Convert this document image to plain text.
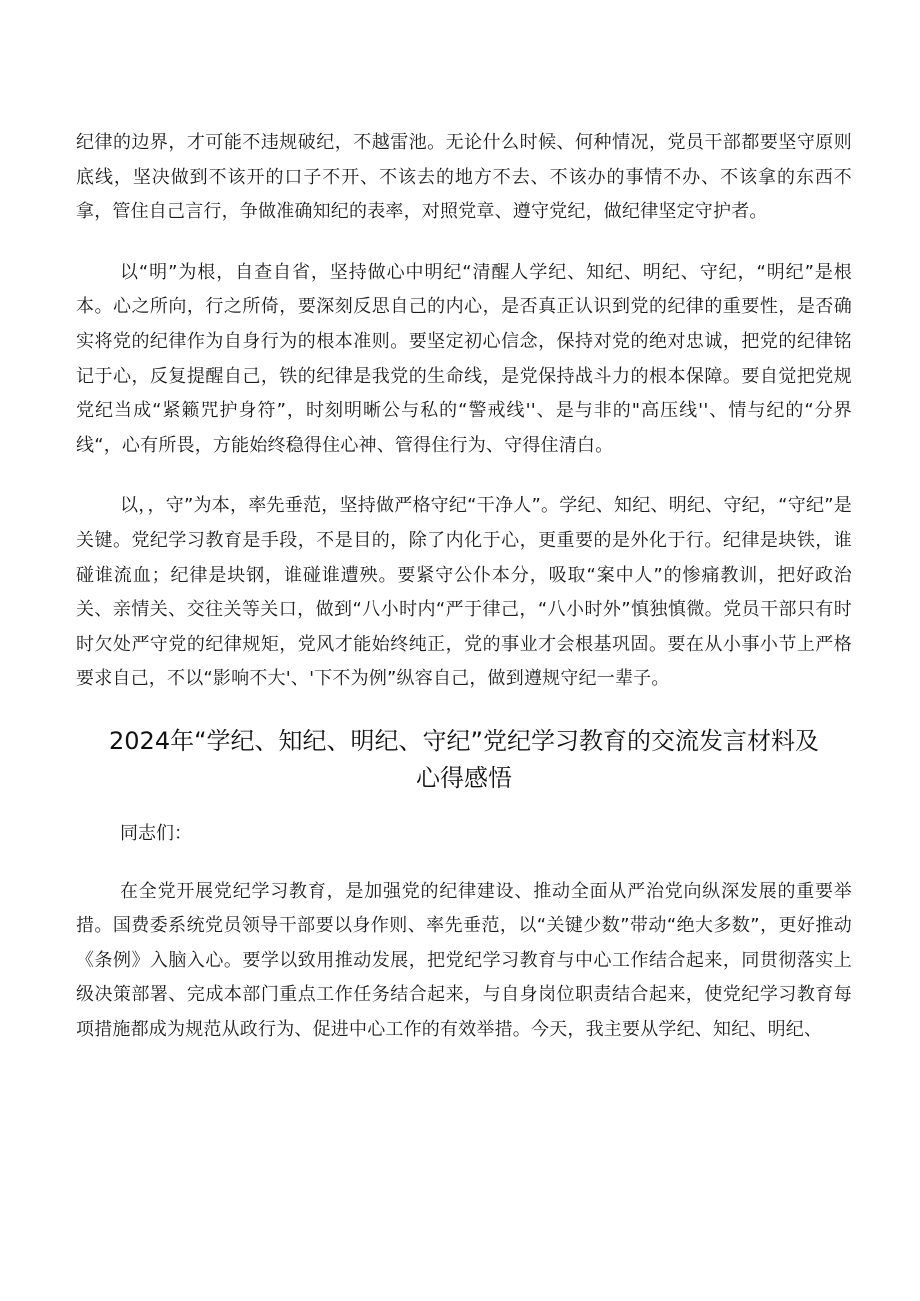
纪律的边界，才可能不违规破纪，不越雷池。无论什么时候、何种情况，党员干部都要坚守原则底线，坚决做到不该开的口子不开、不该去的地方不去、不该办的事情不办、不该拿的东西不拿，管住自己言行，争做准确知纪的表率，对照党章、遵守党纪，做纪律坚定守护者。

以“明”为根，自查自省，坚持做心中明纪“清醒人学纪、知纪、明纪、守纪，“明纪”是根本。心之所向，行之所倚，要深刻反思自己的内心，是否真正认识到党的纪律的重要性，是否确实将党的纪律作为自身行为的根本准则。要坚定初心信念，保持对党的绝对忠诚，把党的纪律铭记于心，反复提醒自己，铁的纪律是我党的生命线，是党保持战斗力的根本保障。要自觉把党规党纪当成“紧籁咒护身符”，时刻明晰公与私的“警戒线''、是与非的"高压线''、情与纪的“分界线“，心有所畏，方能始终稳得住心神、管得住行为、守得住清白。

以，，守”为本，率先垂范，坚持做严格守纪“干净人”。学纪、知纪、明纪、守纪，“守纪”是关键。党纪学习教育是手段，不是目的，除了内化于心，更重要的是外化于行。纪律是块铁，谁碰谁流血；纪律是块钢，谁碰谁遭殃。要紧守公仆本分，吸取“案中人”的惨痛教训，把好政治关、亲情关、交往关等关口，做到“八小时内“严于律己，“八小时外”慎独慎微。党员干部只有时时欠处严守党的纪律规矩，党风才能始终纯正，党的事业才会根基巩固。要在从小事小节上严格要求自己，不以“影响不大'、'下不为例”纵容自己，做到遵规守纪一辈子。

2024年“学纪、知纪、明纪、守纪”党纪学习教育的交流发言材料及心得感悟

同志们：

在全党开展党纪学习教育，是加强党的纪律建设、推动全面从严治党向纵深发展的重要举措。国费委系统党员领导干部要以身作则、率先垂范，以“关键少数”带动“绝大多数”，更好推动《条例》入脑入心。要学以致用推动发展，把党纪学习教育与中心工作结合起来，同贯彻落实上级决策部署、完成本部门重点工作任务结合起来，与自身岗位职责结合起来，使党纪学习教育每项措施都成为规范从政行为、促进中心工作的有效举措。今天，我主要从学纪、知纪、明纪、
